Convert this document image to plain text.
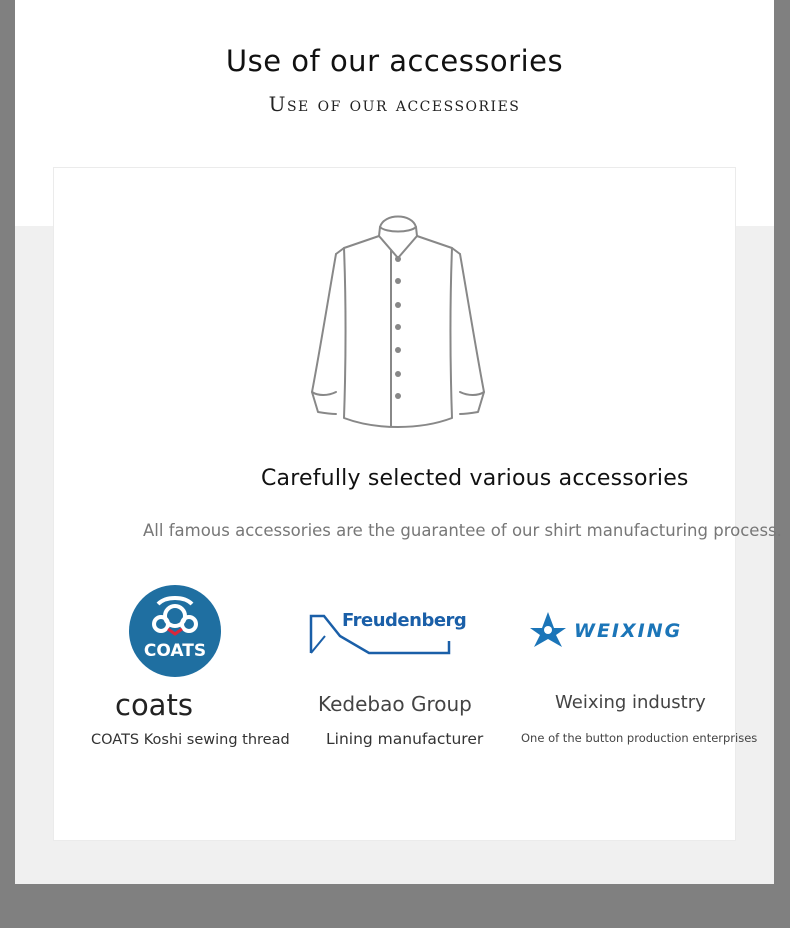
Use of our accessories
Use of our accessories
Carefully selected various accessories
All famous accessories are the guarantee of our shirt manufacturing process.
COATS
Freudenberg	WEIXING
coats	Kedebao Group	Weixing industry
COATS Koshi sewing thread Lining manufacturer	One of the button production enterprises
